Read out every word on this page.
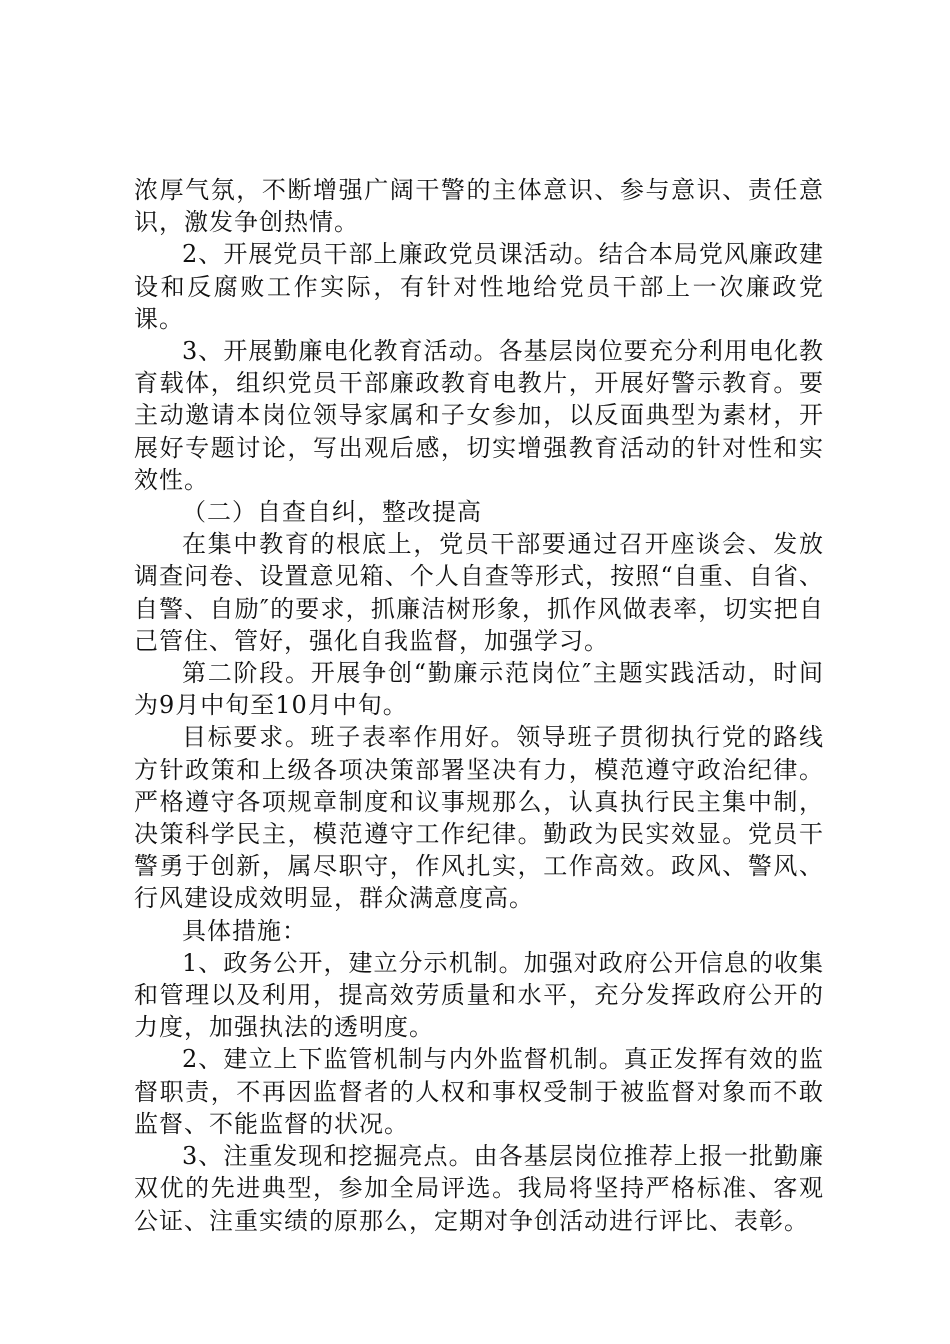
浓厚气氛，不断增强广阔干警的主体意识、参与意识、责任意识，激发争创热情。

2、开展党员干部上廉政党员课活动。结合本局党风廉政建设和反腐败工作实际，有针对性地给党员干部上一次廉政党课。

3、开展勤廉电化教育活动。各基层岗位要充分利用电化教育载体，组织党员干部廉政教育电教片，开展好警示教育。要主动邀请本岗位领导家属和子女参加，以反面典型为素材，开展好专题讨论，写出观后感，切实增强教育活动的针对性和实效性。

（二）自查自纠，整改提高

在集中教育的根底上，党员干部要通过召开座谈会、发放调查问卷、设置意见箱、个人自查等形式，按照“自重、自省、自警、自励″的要求，抓廉洁树形象，抓作风做表率，切实把自己管住、管好，强化自我监督，加强学习。

第二阶段。开展争创“勤廉示范岗位″主题实践活动，时间为9月中旬至10月中旬。

目标要求。班子表率作用好。领导班子贯彻执行党的路线方针政策和上级各项决策部署坚决有力，模范遵守政治纪律。严格遵守各项规章制度和议事规那么，认真执行民主集中制，决策科学民主，模范遵守工作纪律。勤政为民实效显。党员干警勇于创新，属尽职守，作风扎实，工作高效。政风、警风、行风建设成效明显，群众满意度高。

具体措施：

1、政务公开，建立分示机制。加强对政府公开信息的收集和管理以及利用，提高效劳质量和水平，充分发挥政府公开的力度，加强执法的透明度。

2、建立上下监管机制与内外监督机制。真正发挥有效的监督职责，不再因监督者的人权和事权受制于被监督对象而不敢监督、不能监督的状况。

3、注重发现和挖掘亮点。由各基层岗位推荐上报一批勤廉双优的先进典型，参加全局评选。我局将坚持严格标准、客观公证、注重实绩的原那么，定期对争创活动进行评比、表彰。
